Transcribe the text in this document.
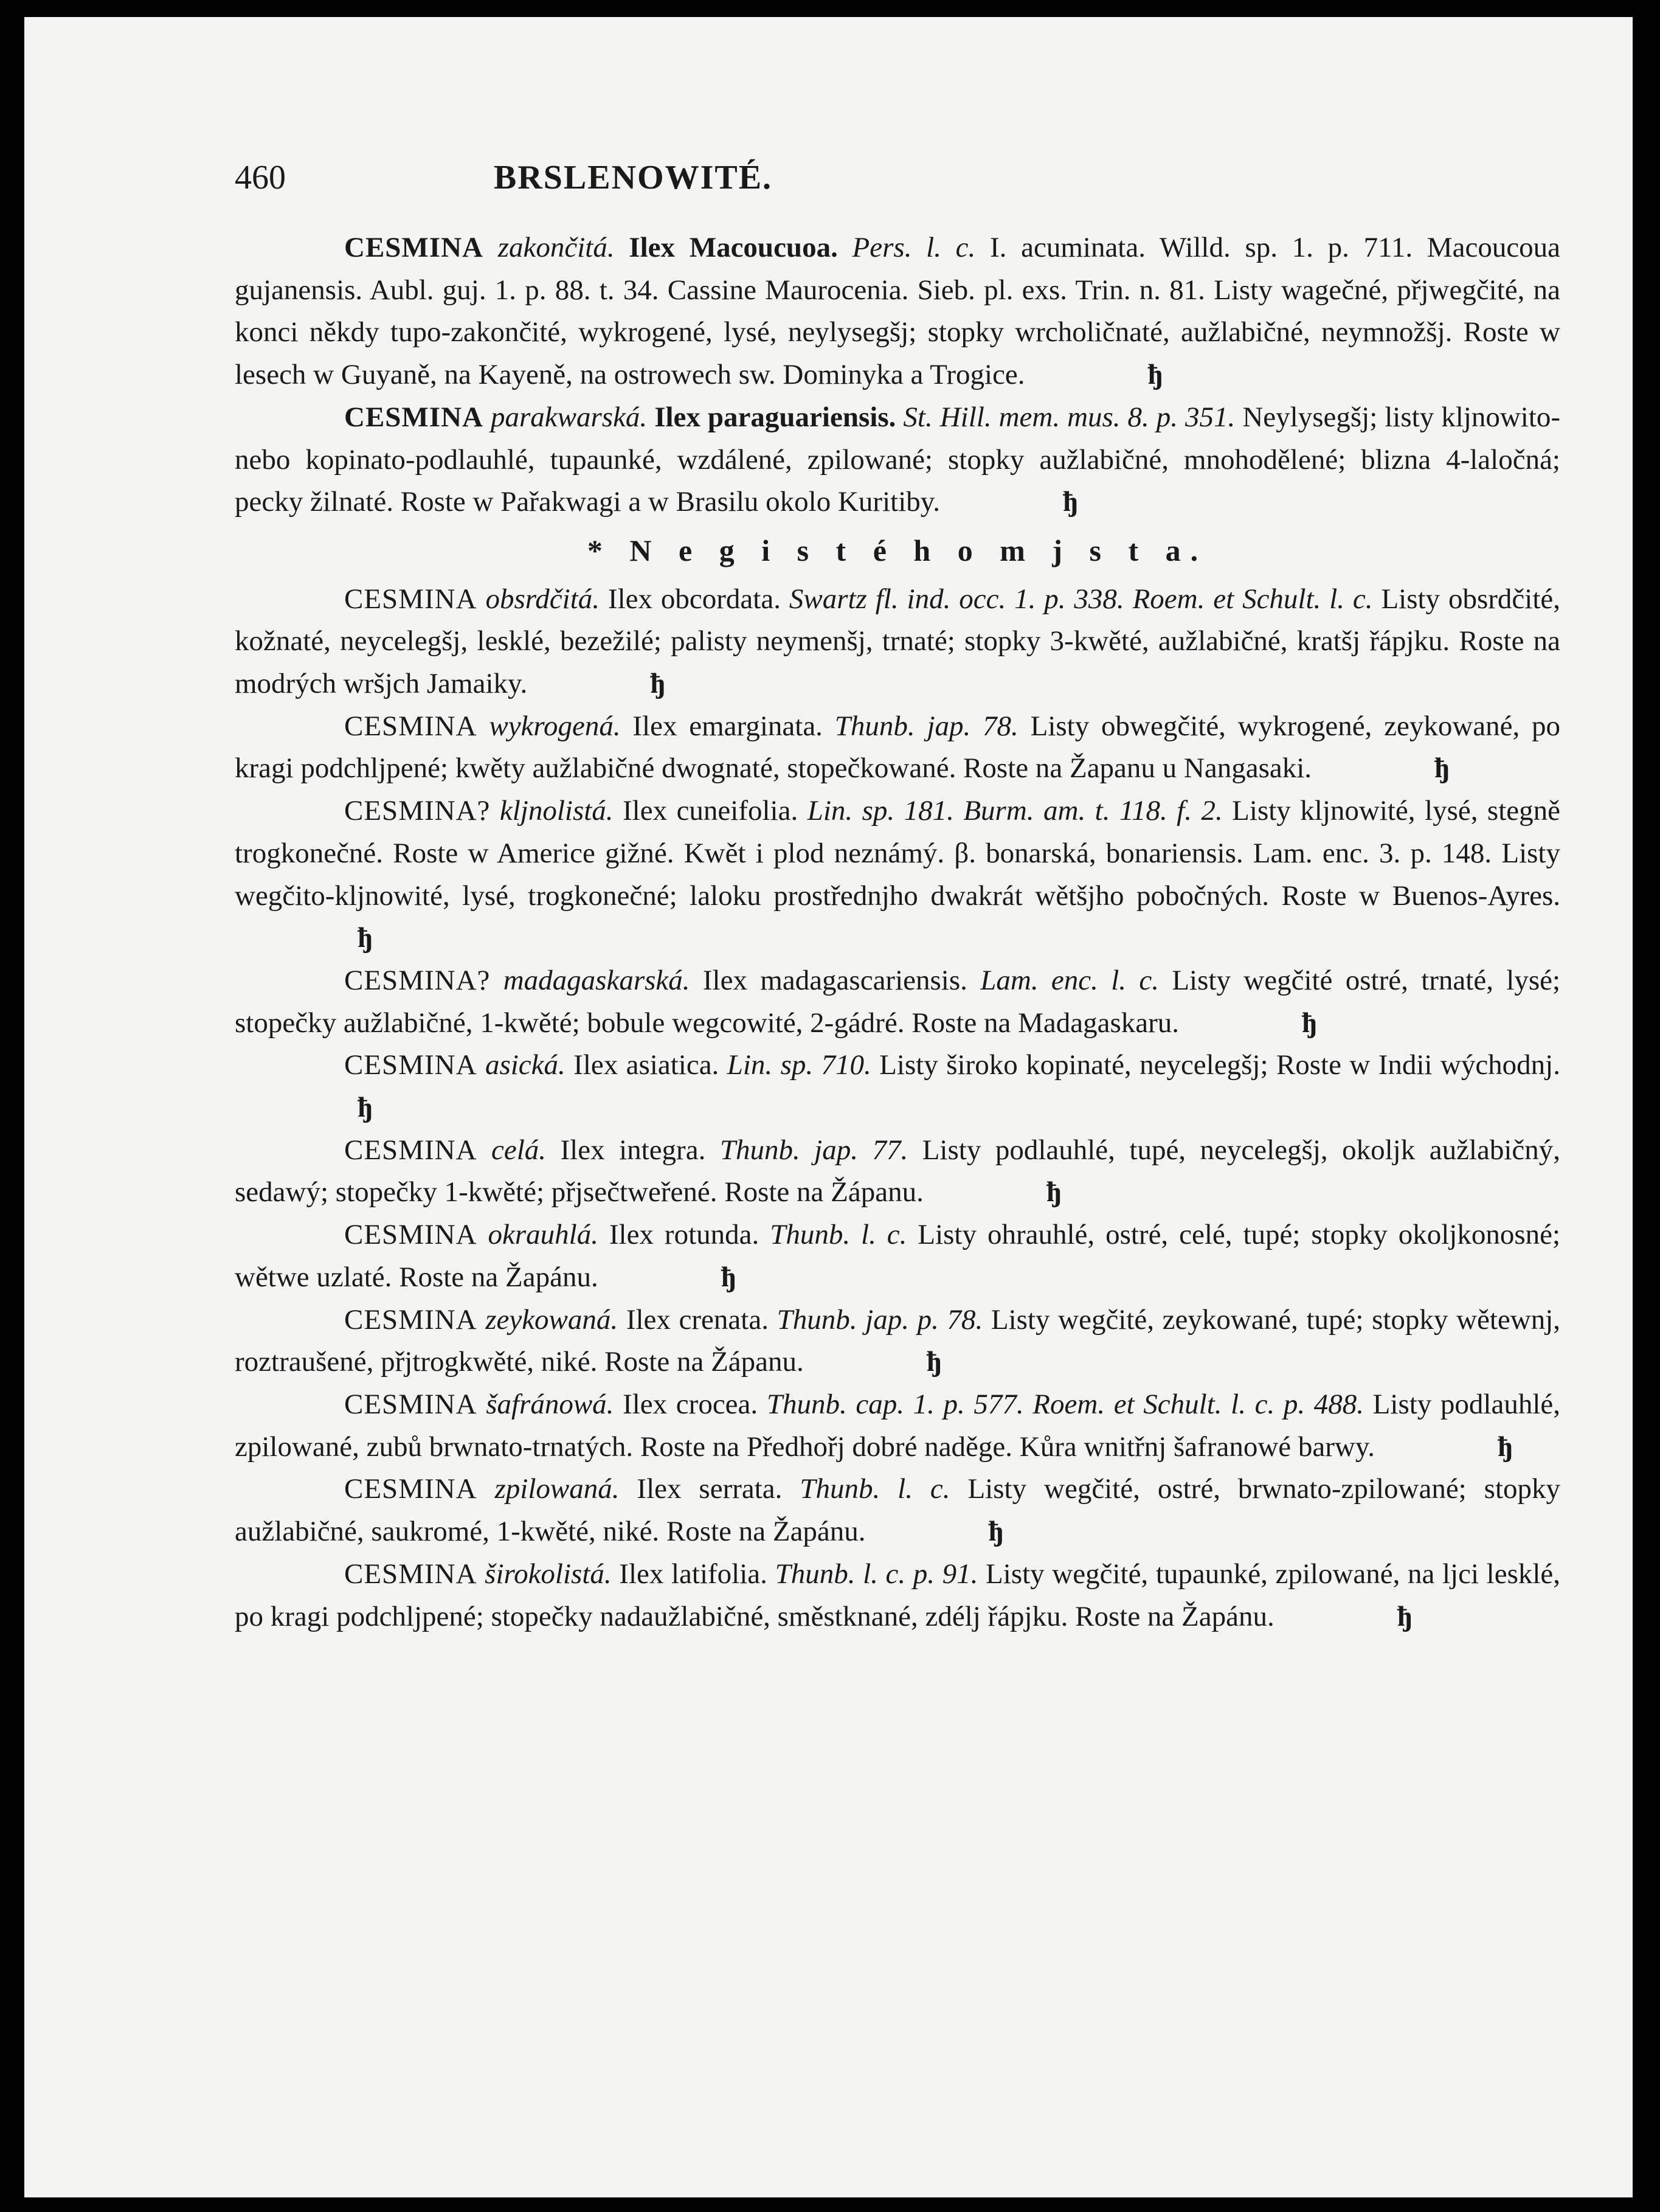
460	BRSLENOWITÉ.

CESMINA zakončitá. Ilex Macoucuoa. Pers. l. c. I. acuminata. Willd. sp. 1. p. 711. Macoucoua gujanensis. Aubl. guj. 1. p. 88. t. 34. Cassine Maurocenia. Sieb. pl. exs. Trin. n. 81. Listy wagečné, přjwegčité, na konci někdy tupo-zakončité, wykrogené, lysé, neylysegšj; stopky wrcholičnaté, aužlabičné, neymnožšj. Roste w lesech w Guyaně, na Kayeně, na ostrowech sw. Dominyka a Trogice.	ђ

CESMINA parakwarská. Ilex paraguariensis. St. Hill. mem. mus. 8. p. 351. Neylysegšj; listy kljnowito- nebo kopinato-podlauhlé, tupaunké, wzdálené, zpilowané; stopky aužlabičné, mnohodělené; blizna 4-laločná; pecky žilnaté. Roste w Pařakwagi a w Brasilu okolo Kuritiby.	ђ

* N e g i s t é h o m j s t a.

CESMINA obsrdčitá. Ilex obcordata. Swartz fl. ind. occ. 1. p. 338. Roem. et Schult. l. c. Listy obsrdčité, kožnaté, neycelegšj, lesklé, bezežilé; palisty neymenšj, trnaté; stopky 3-kwěté, aužlabičné, kratšj řápjku. Roste na modrých wršjch Jamaiky.	ђ

CESMINA wykrogená. Ilex emarginata. Thunb. jap. 78. Listy obwegčité, wykrogené, zeykowané, po kragi podchljpené; kwěty aužlabičné dwognaté, stopečkowané. Roste na Žapanu u Nangasaki.	ђ

CESMINA? kljnolistá. Ilex cuneifolia. Lin. sp. 181. Burm. am. t. 118. f. 2. Listy kljnowité, lysé, stegně trogkonečné. Roste w Americe gižné. Kwět i plod neznámý. β. bonarská, bonariensis. Lam. enc. 3. p. 148. Listy wegčito-kljnowité, lysé, trogkonečné; laloku prostřednjho dwakrát wětšjho pobočných. Roste w Buenos-Ayres.ђ

CESMINA? madagaskarská. Ilex madagascariensis. Lam. enc. l. c. Listy wegčité ostré, trnaté, lysé; stopečky aužlabičné, 1-kwěté; bobule wegcowité, 2-gádré. Roste na Madagaskaru.	ђ

CESMINA asická. Ilex asiatica. Lin. sp. 710. Listy široko kopinaté, neycelegšj; Roste w Indii wýchodnj.ђ

CESMINA celá. Ilex integra. Thunb. jap. 77. Listy podlauhlé, tupé, neycelegšj, okoljk aužlabičný, sedawý; stopečky 1-kwěté; přjsečtweřené. Roste na Žápanu.	ђ

CESMINA okrauhlá. Ilex rotunda. Thunb. l. c. Listy ohrauhlé, ostré, celé, tupé; stopky okoljkonosné; wětwe uzlaté. Roste na Žapánu.	ђ

CESMINA zeykowaná. Ilex crenata. Thunb. jap. p. 78. Listy wegčité, zeykowané, tupé; stopky wětewnj, roztraušené, přjtrogkwěté, niké. Roste na Žápanu.	ђ

CESMINA šafránowá. Ilex crocea. Thunb. cap. 1. p. 577. Roem. et Schult. l. c. p. 488. Listy podlauhlé, zpilowané, zubů brwnato-trnatých. Roste na Předhořj dobré naděge. Kůra wnitřnj šafranowé barwy.	ђ

CESMINA zpilowaná. Ilex serrata. Thunb. l. c. Listy wegčité, ostré, brwnato-zpilowané; stopky aužlabičné, saukromé, 1-kwěté, niké. Roste na Žapánu.	ђ

CESMINA širokolistá. Ilex latifolia. Thunb. l. c. p. 91. Listy wegčité, tupaunké, zpilowané, na ljci lesklé, po kragi podchljpené; stopečky nadaužlabičné, směstknané, zdélj řápjku. Roste na Žapánu.	ђ
